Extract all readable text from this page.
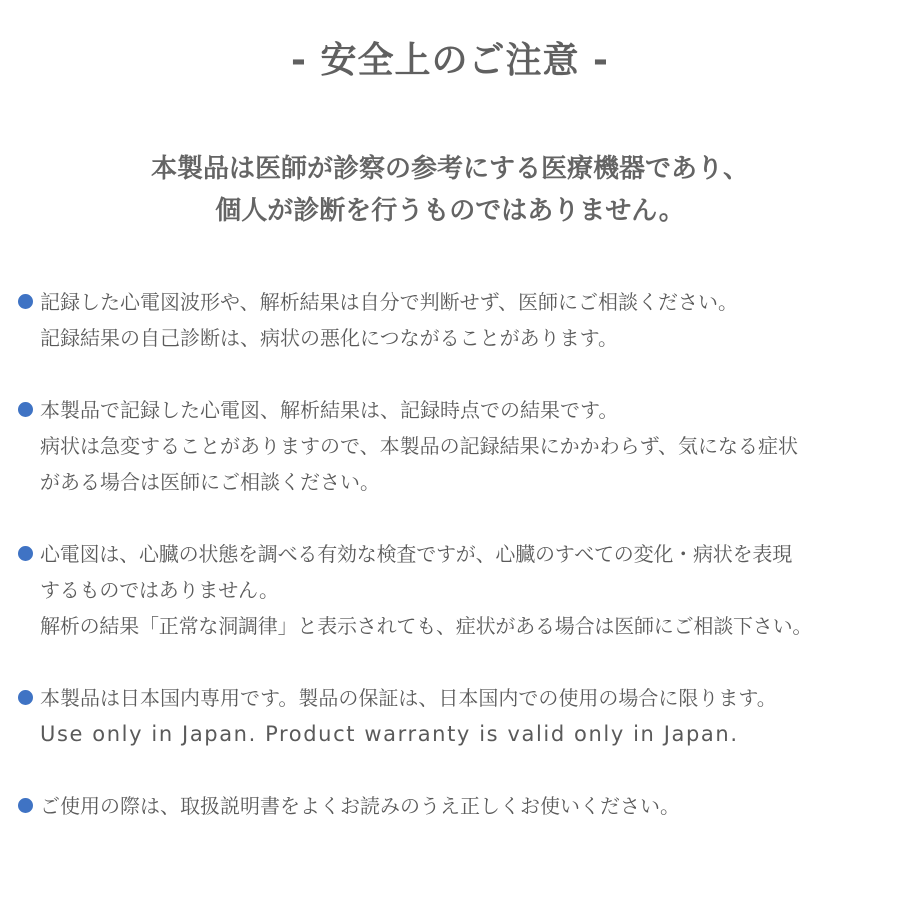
- 安全上のご注意 -
本製品は医師が診察の参考にする医療機器であり、
個人が診断を行うものではありません。
記録した心電図波形や、解析結果は自分で判断せず、医師にご相談ください。
記録結果の自己診断は、病状の悪化につながることがあります。
本製品で記録した心電図、解析結果は、記録時点での結果です。
病状は急変することがありますので、本製品の記録結果にかかわらず、気になる症状
がある場合は医師にご相談ください。
心電図は、心臓の状態を調べる有効な検査ですが、心臓のすべての変化・病状を表現
するものではありません。
解析の結果「正常な洞調律」と表示されても、症状がある場合は医師にご相談下さい。
本製品は日本国内専用です。製品の保証は、日本国内での使用の場合に限ります。
Use only in Japan. Product warranty is valid only in Japan.
ご使用の際は、取扱説明書をよくお読みのうえ正しくお使いください。
